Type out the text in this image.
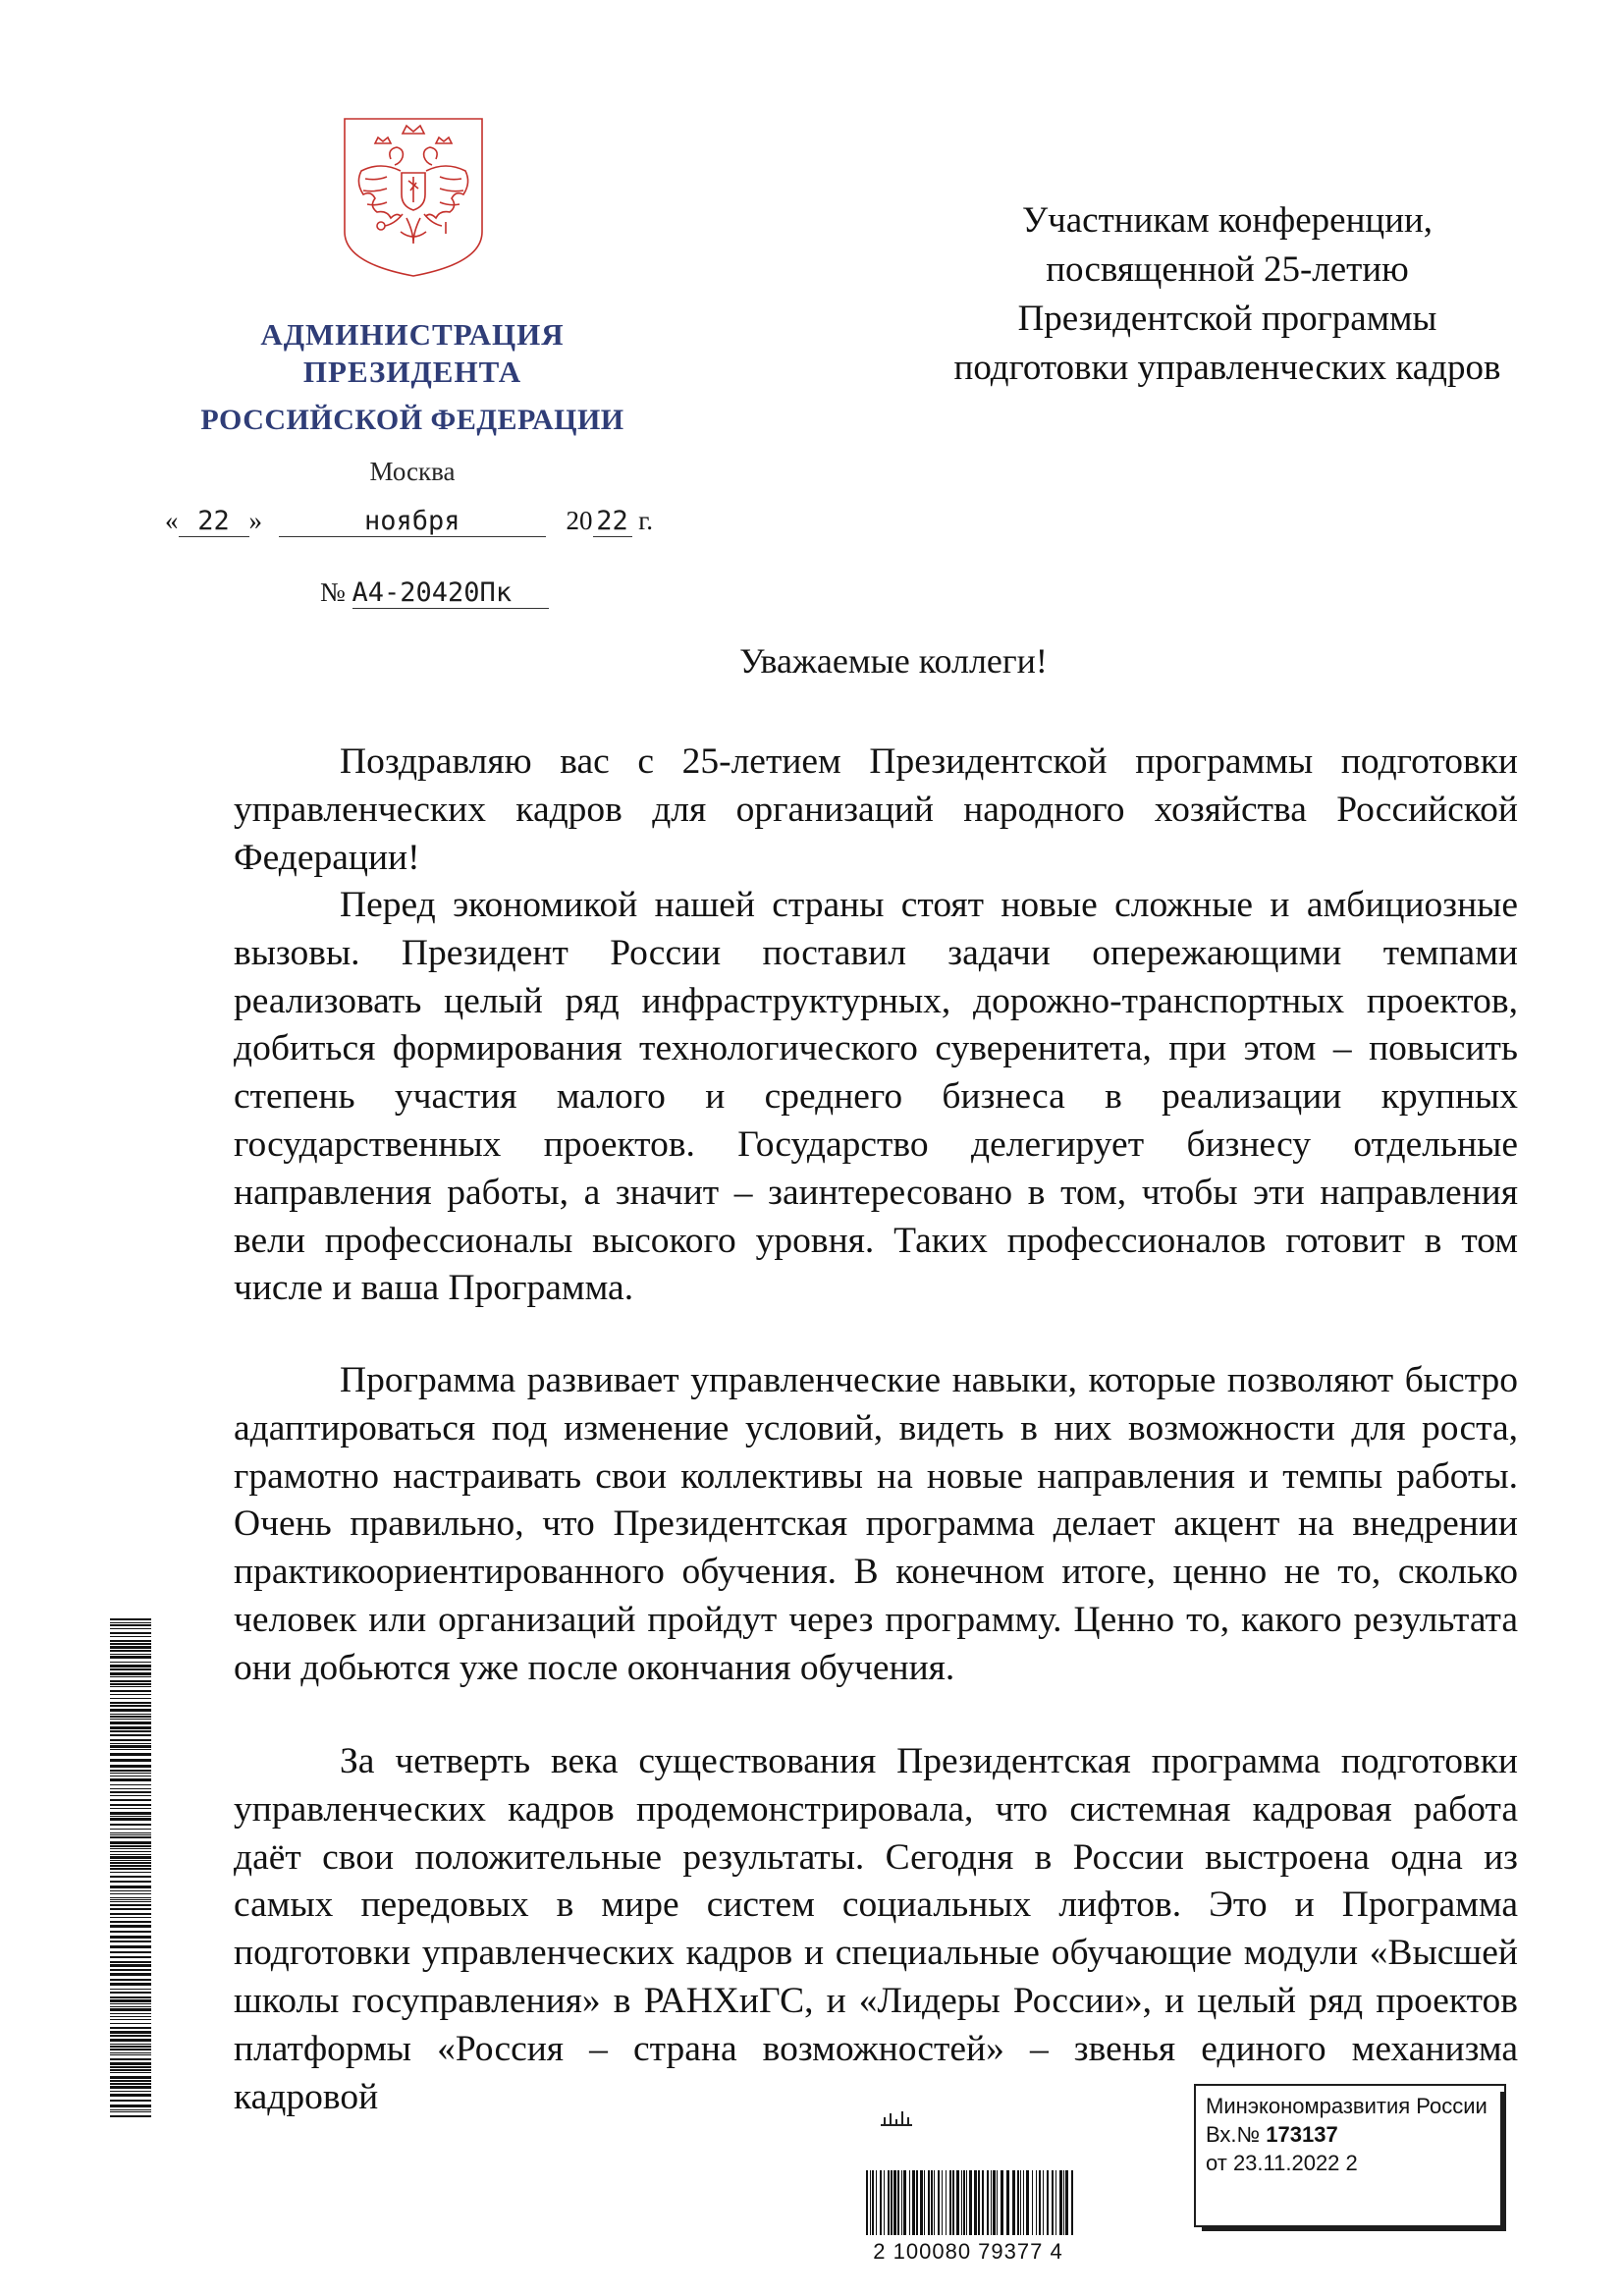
АДМИНИСТРАЦИЯ
ПРЕЗИДЕНТА
РОССИЙСКОЙ ФЕДЕРАЦИИ
Москва
« 22 »	ноября	20 22 г.
№ А4-20420Пк
Участникам конференции,
посвященной 25-летию
Президентской программы
подготовки управленческих кадров
Уважаемые коллеги!

Поздравляю вас с 25-летием Президентской программы подготовки управленческих кадров для организаций народного хозяйства Российской Федерации!

Перед экономикой нашей страны стоят новые сложные и амбициозные вызовы. Президент России поставил задачи опережающими темпами реализовать целый ряд инфраструктурных, дорожно-транспортных проектов, добиться формирования технологического суверенитета, при этом – повысить степень участия малого и среднего бизнеса в реализации крупных государственных проектов. Государство делегирует бизнесу отдельные направления работы, а значит – заинтересовано в том, чтобы эти направления вели профессионалы высокого уровня. Таких профессионалов готовит в том числе и ваша Программа.

Программа развивает управленческие навыки, которые позволяют быстро адаптироваться под изменение условий, видеть в них возможности для роста, грамотно настраивать свои коллективы на новые направления и темпы работы. Очень правильно, что Президентская программа делает акцент на внедрении практикоориентированного обучения. В конечном итоге, ценно не то, сколько человек или организаций пройдут через программу. Ценно то, какого результата они добьются уже после окончания обучения.

За четверть века существования Президентская программа подготовки управленческих кадров продемонстрировала, что системная кадровая работа даёт свои положительные результаты. Сегодня в России выстроена одна из самых передовых в мире систем социальных лифтов. Это и Программа подготовки управленческих кадров и специальные обучающие модули «Высшей школы госуправления» в РАНХиГС, и «Лидеры России», и целый ряд проектов платформы «Россия – страна возможностей» – звенья единого механизма кадровой

2 100080 79377 4
Минэкономразвития России
Вх.№ 173137
от 23.11.2022 2
